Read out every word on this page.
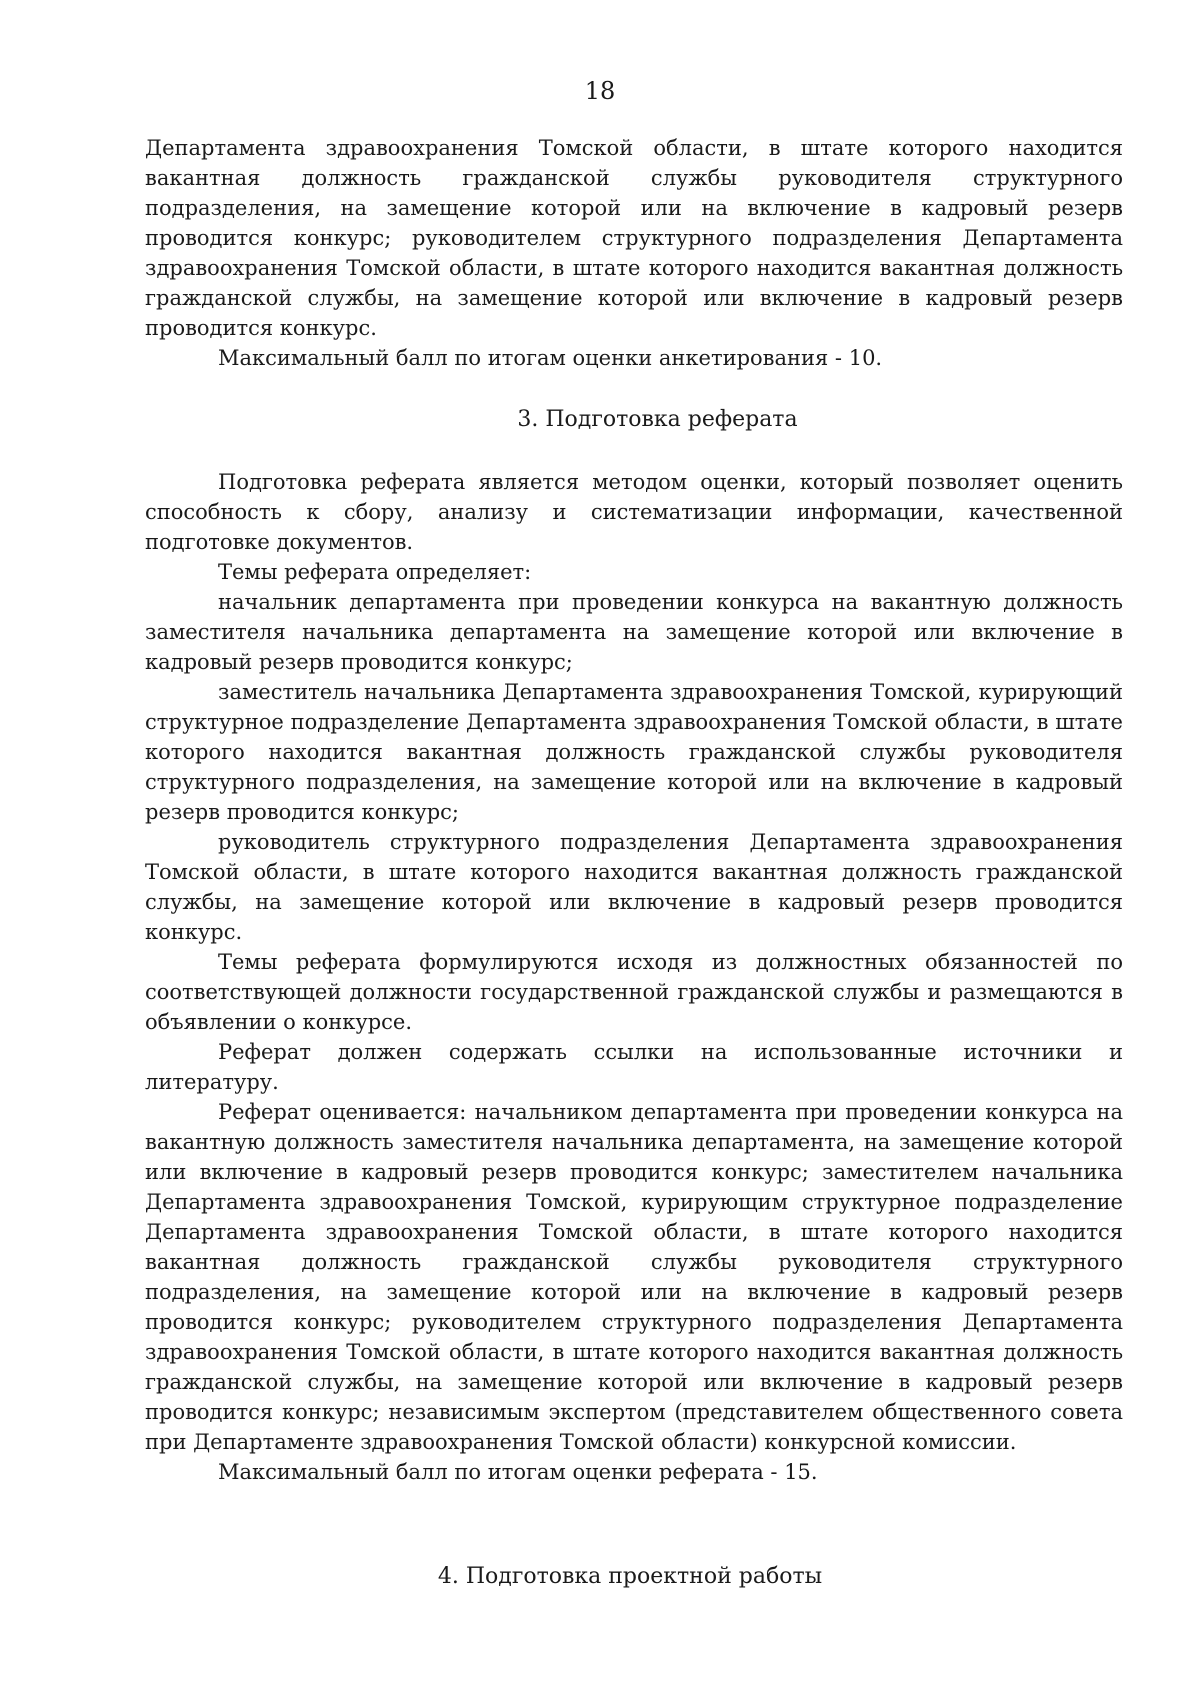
18

Департамента здравоохранения Томской области, в штате которого находится вакантная должность гражданской службы руководителя структурного подразделения, на замещение которой или на включение в кадровый резерв проводится конкурс; руководителем структурного подразделения Департамента здравоохранения Томской области, в штате которого находится вакантная должность гражданской службы, на замещение которой или включение в кадровый резерв проводится конкурс.

Максимальный балл по итогам оценки анкетирования - 10.

3. Подготовка реферата

Подготовка реферата является методом оценки, который позволяет оценить способность к сбору, анализу и систематизации информации, качественной подготовке документов.

Темы реферата определяет:

начальник департамента при проведении конкурса на вакантную должность заместителя начальника департамента на замещение которой или включение в кадровый резерв проводится конкурс;

заместитель начальника Департамента здравоохранения Томской, курирующий структурное подразделение Департамента здравоохранения Томской области, в штате которого находится вакантная должность гражданской службы руководителя структурного подразделения, на замещение которой или на включение в кадровый резерв проводится конкурс;

руководитель структурного подразделения Департамента здравоохранения Томской области, в штате которого находится вакантная должность гражданской службы, на замещение которой или включение в кадровый резерв проводится конкурс.

Темы реферата формулируются исходя из должностных обязанностей по соответствующей должности государственной гражданской службы и размещаются в объявлении о конкурсе.

Реферат должен содержать ссылки на использованные источники и литературу.

Реферат оценивается: начальником департамента при проведении конкурса на вакантную должность заместителя начальника департамента, на замещение которой или включение в кадровый резерв проводится конкурс; заместителем начальника Департамента здравоохранения Томской, курирующим структурное подразделение Департамента здравоохранения Томской области, в штате которого находится вакантная должность гражданской службы руководителя структурного подразделения, на замещение которой или на включение в кадровый резерв проводится конкурс; руководителем структурного подразделения Департамента здравоохранения Томской области, в штате которого находится вакантная должность гражданской службы, на замещение которой или включение в кадровый резерв проводится конкурс; независимым экспертом (представителем общественного совета при Департаменте здравоохранения Томской области) конкурсной комиссии.

Максимальный балл по итогам оценки реферата - 15.

4. Подготовка проектной работы
